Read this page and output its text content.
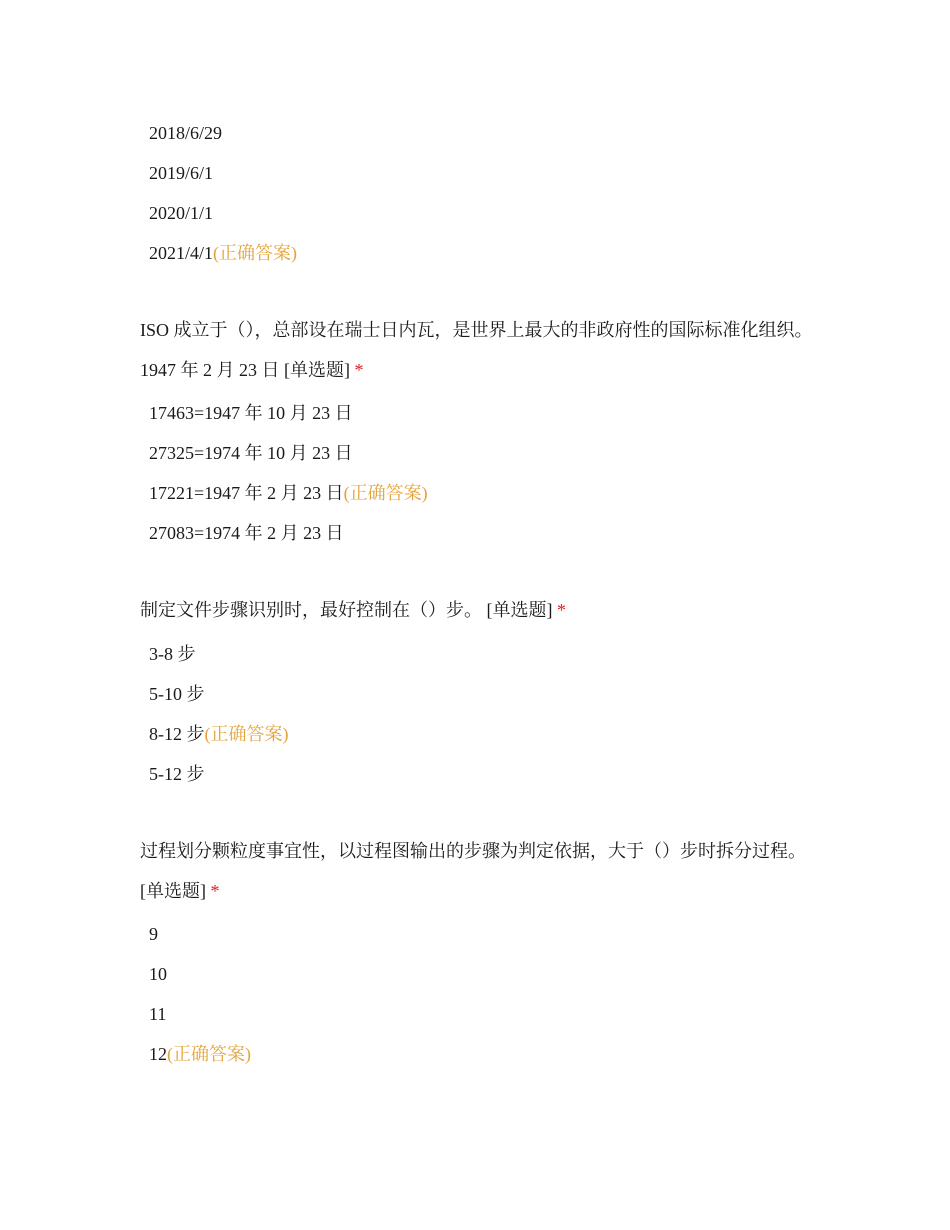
2018/6/29
2019/6/1
2020/1/1
2021/4/1(正确答案)

ISO 成立于（），总部设在瑞士日内瓦，是世界上最大的非政府性的国际标准化组织。1947 年 2 月 23 日 [单选题] *

17463=1947 年 10 月 23 日
27325=1974 年 10 月 23 日
17221=1947 年 2 月 23 日(正确答案)
27083=1974 年 2 月 23 日

制定文件步骤识别时，最好控制在（）步。 [单选题] *

3-8 步
5-10 步
8-12 步(正确答案)
5-12 步

过程划分颗粒度事宜性，以过程图输出的步骤为判定依据，大于（）步时拆分过程。 [单选题] *

9
10
11
12(正确答案)
